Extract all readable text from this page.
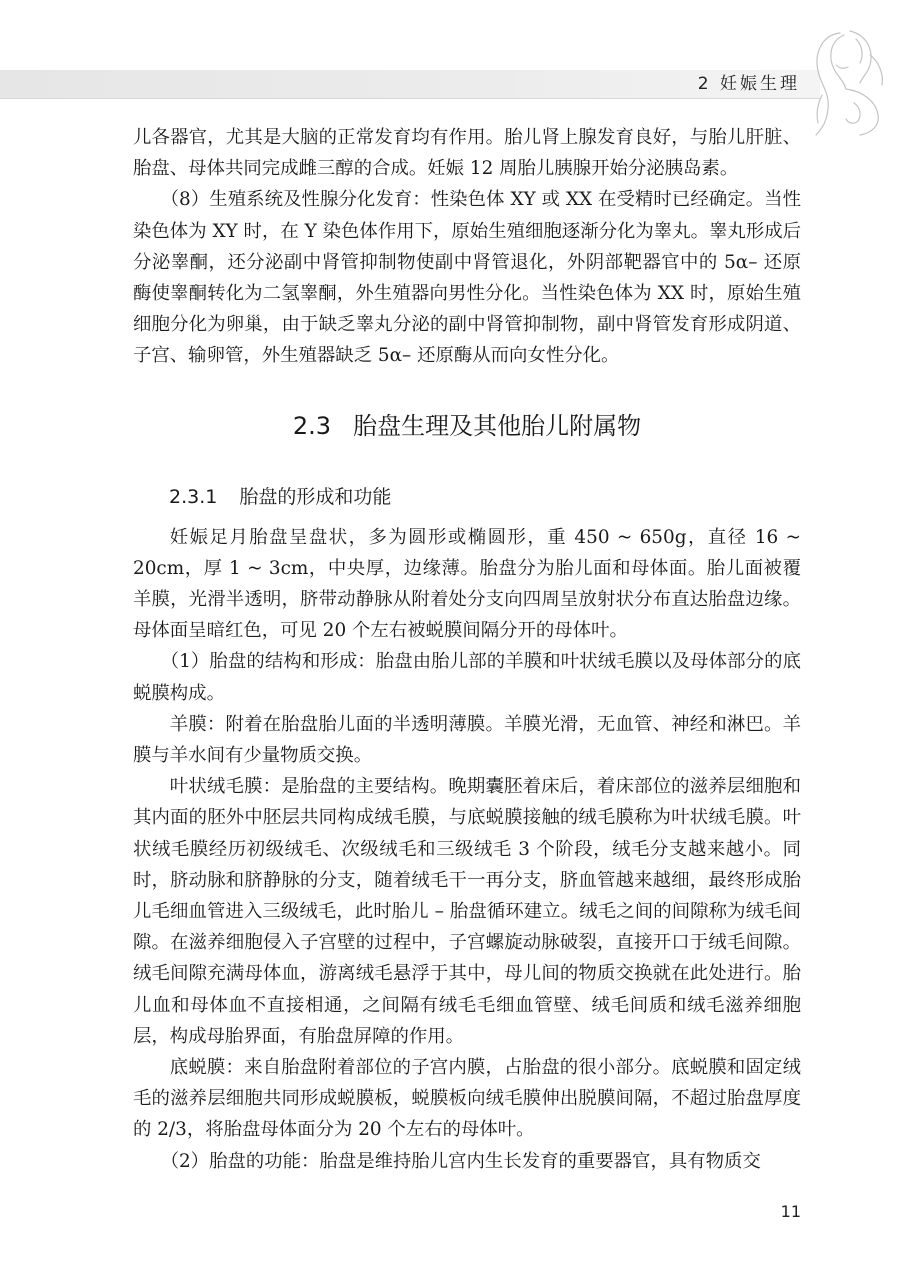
2 妊娠生理

儿各器官，尤其是大脑的正常发育均有作用。胎儿肾上腺发育良好，与胎儿肝脏、胎盘、母体共同完成雌三醇的合成。妊娠 12 周胎儿胰腺开始分泌胰岛素。

（8）生殖系统及性腺分化发育：性染色体 XY 或 XX 在受精时已经确定。当性染色体为 XY 时，在 Y 染色体作用下，原始生殖细胞逐渐分化为睾丸。睾丸形成后分泌睾酮，还分泌副中肾管抑制物使副中肾管退化，外阴部靶器官中的 5α– 还原酶使睾酮转化为二氢睾酮，外生殖器向男性分化。当性染色体为 XX 时，原始生殖细胞分化为卵巢，由于缺乏睾丸分泌的副中肾管抑制物，副中肾管发育形成阴道、子宫、输卵管，外生殖器缺乏 5α– 还原酶从而向女性分化。

2.3 胎盘生理及其他胎儿附属物
2.3.1 胎盘的形成和功能

妊娠足月胎盘呈盘状，多为圆形或椭圆形，重 450 ~ 650g，直径 16 ~ 20cm，厚 1 ~ 3cm，中央厚，边缘薄。胎盘分为胎儿面和母体面。胎儿面被覆羊膜，光滑半透明，脐带动静脉从附着处分支向四周呈放射状分布直达胎盘边缘。母体面呈暗红色，可见 20 个左右被蜕膜间隔分开的母体叶。

（1）胎盘的结构和形成：胎盘由胎儿部的羊膜和叶状绒毛膜以及母体部分的底蜕膜构成。

羊膜：附着在胎盘胎儿面的半透明薄膜。羊膜光滑，无血管、神经和淋巴。羊膜与羊水间有少量物质交换。

叶状绒毛膜：是胎盘的主要结构。晚期囊胚着床后，着床部位的滋养层细胞和其内面的胚外中胚层共同构成绒毛膜，与底蜕膜接触的绒毛膜称为叶状绒毛膜。叶状绒毛膜经历初级绒毛、次级绒毛和三级绒毛 3 个阶段，绒毛分支越来越小。同时，脐动脉和脐静脉的分支，随着绒毛干一再分支，脐血管越来越细，最终形成胎儿毛细血管进入三级绒毛，此时胎儿 – 胎盘循环建立。绒毛之间的间隙称为绒毛间隙。在滋养细胞侵入子宫壁的过程中，子宫螺旋动脉破裂，直接开口于绒毛间隙。绒毛间隙充满母体血，游离绒毛悬浮于其中，母儿间的物质交换就在此处进行。胎儿血和母体血不直接相通，之间隔有绒毛毛细血管壁、绒毛间质和绒毛滋养细胞层，构成母胎界面，有胎盘屏障的作用。

底蜕膜：来自胎盘附着部位的子宫内膜，占胎盘的很小部分。底蜕膜和固定绒毛的滋养层细胞共同形成蜕膜板，蜕膜板向绒毛膜伸出脱膜间隔，不超过胎盘厚度的 2/3，将胎盘母体面分为 20 个左右的母体叶。

（2）胎盘的功能：胎盘是维持胎儿宫内生长发育的重要器官，具有物质交

11
